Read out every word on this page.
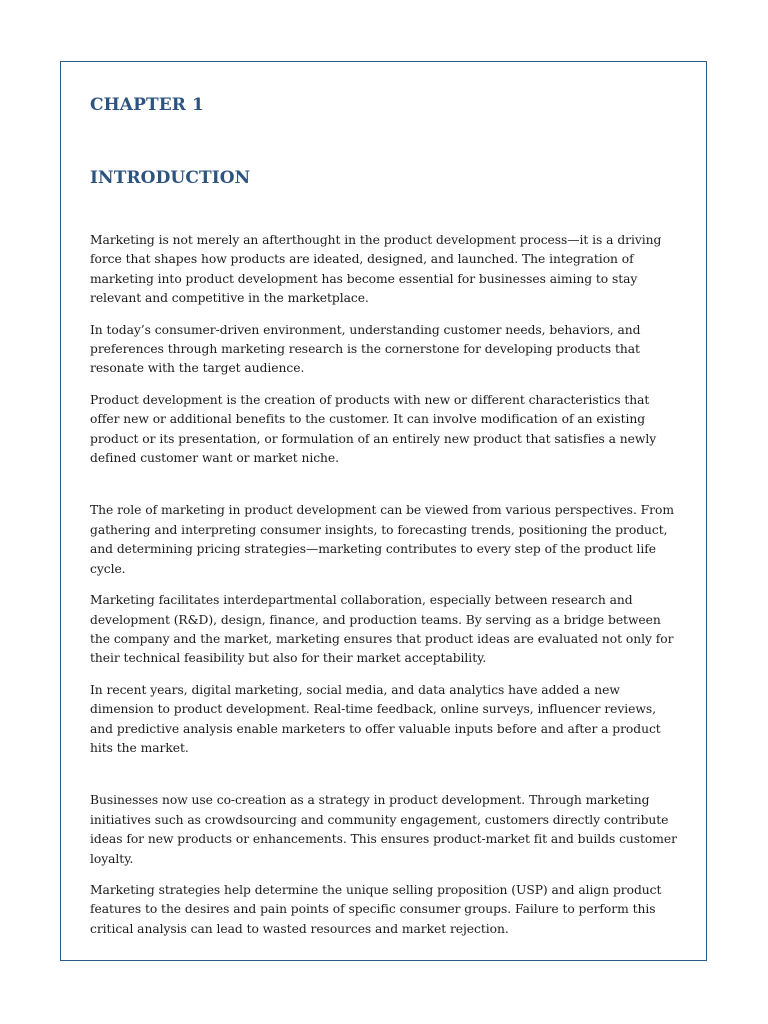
CHAPTER 1
INTRODUCTION

Marketing is not merely an afterthought in the product development process—it is a driving force that shapes how products are ideated, designed, and launched. The integration of marketing into product development has become essential for businesses aiming to stay relevant and competitive in the marketplace.

In today’s consumer-driven environment, understanding customer needs, behaviors, and preferences through marketing research is the cornerstone for developing products that resonate with the target audience.

Product development is the creation of products with new or different characteristics that offer new or additional benefits to the customer. It can involve modification of an existing product or its presentation, or formulation of an entirely new product that satisfies a newly defined customer want or market niche.

The role of marketing in product development can be viewed from various perspectives. From gathering and interpreting consumer insights, to forecasting trends, positioning the product, and determining pricing strategies—marketing contributes to every step of the product life cycle.

Marketing facilitates interdepartmental collaboration, especially between research and development (R&D), design, finance, and production teams. By serving as a bridge between the company and the market, marketing ensures that product ideas are evaluated not only for their technical feasibility but also for their market acceptability.

In recent years, digital marketing, social media, and data analytics have added a new dimension to product development. Real-time feedback, online surveys, influencer reviews, and predictive analysis enable marketers to offer valuable inputs before and after a product hits the market.

Businesses now use co-creation as a strategy in product development. Through marketing initiatives such as crowdsourcing and community engagement, customers directly contribute ideas for new products or enhancements. This ensures product-market fit and builds customer loyalty.

Marketing strategies help determine the unique selling proposition (USP) and align product features to the desires and pain points of specific consumer groups. Failure to perform this critical analysis can lead to wasted resources and market rejection.
